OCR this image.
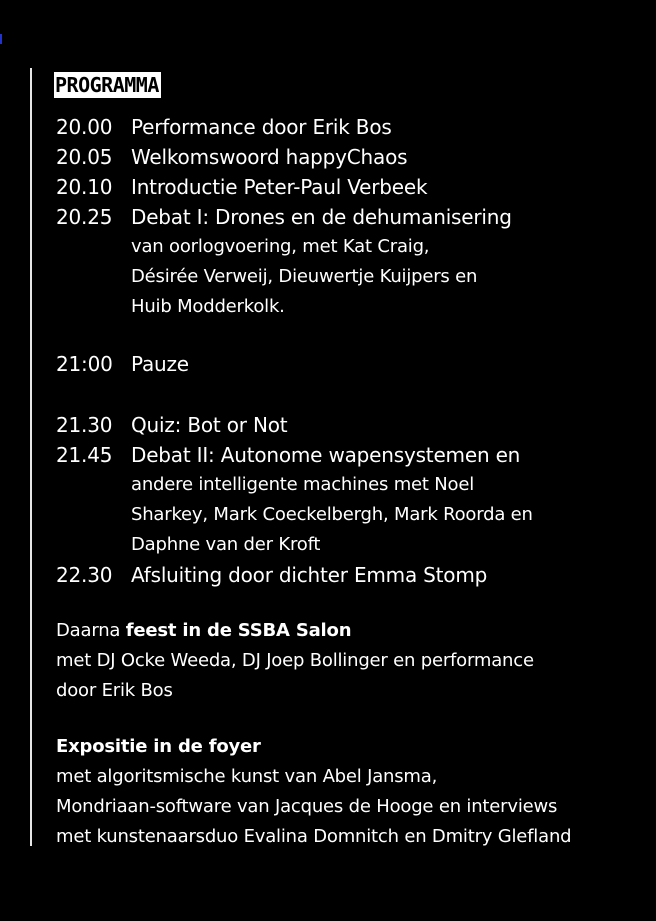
PROGRAMMA
20.00 Performance door Erik Bos
20.05 Welkomswoord happyChaos
20.10 Introductie Peter-Paul Verbeek
20.25 Debat I: Drones en de dehumanisering
van oorlogvoering, met Kat Craig,
Désirée Verweij, Dieuwertje Kuijpers en
Huib Modderkolk.
21:00 Pauze
21.30 Quiz: Bot or Not
21.45 Debat II: Autonome wapensystemen en
andere intelligente machines met Noel
Sharkey, Mark Coeckelbergh, Mark Roorda en
Daphne van der Kroft
22.30 Afsluiting door dichter Emma Stomp
Daarna feest in de SSBA Salon
met DJ Ocke Weeda, DJ Joep Bollinger en performance
door Erik Bos
Expositie in de foyer
met algoritsmische kunst van Abel Jansma,
Mondriaan-software van Jacques de Hooge en interviews
met kunstenaarsduo Evalina Domnitch en Dmitry Glefland
